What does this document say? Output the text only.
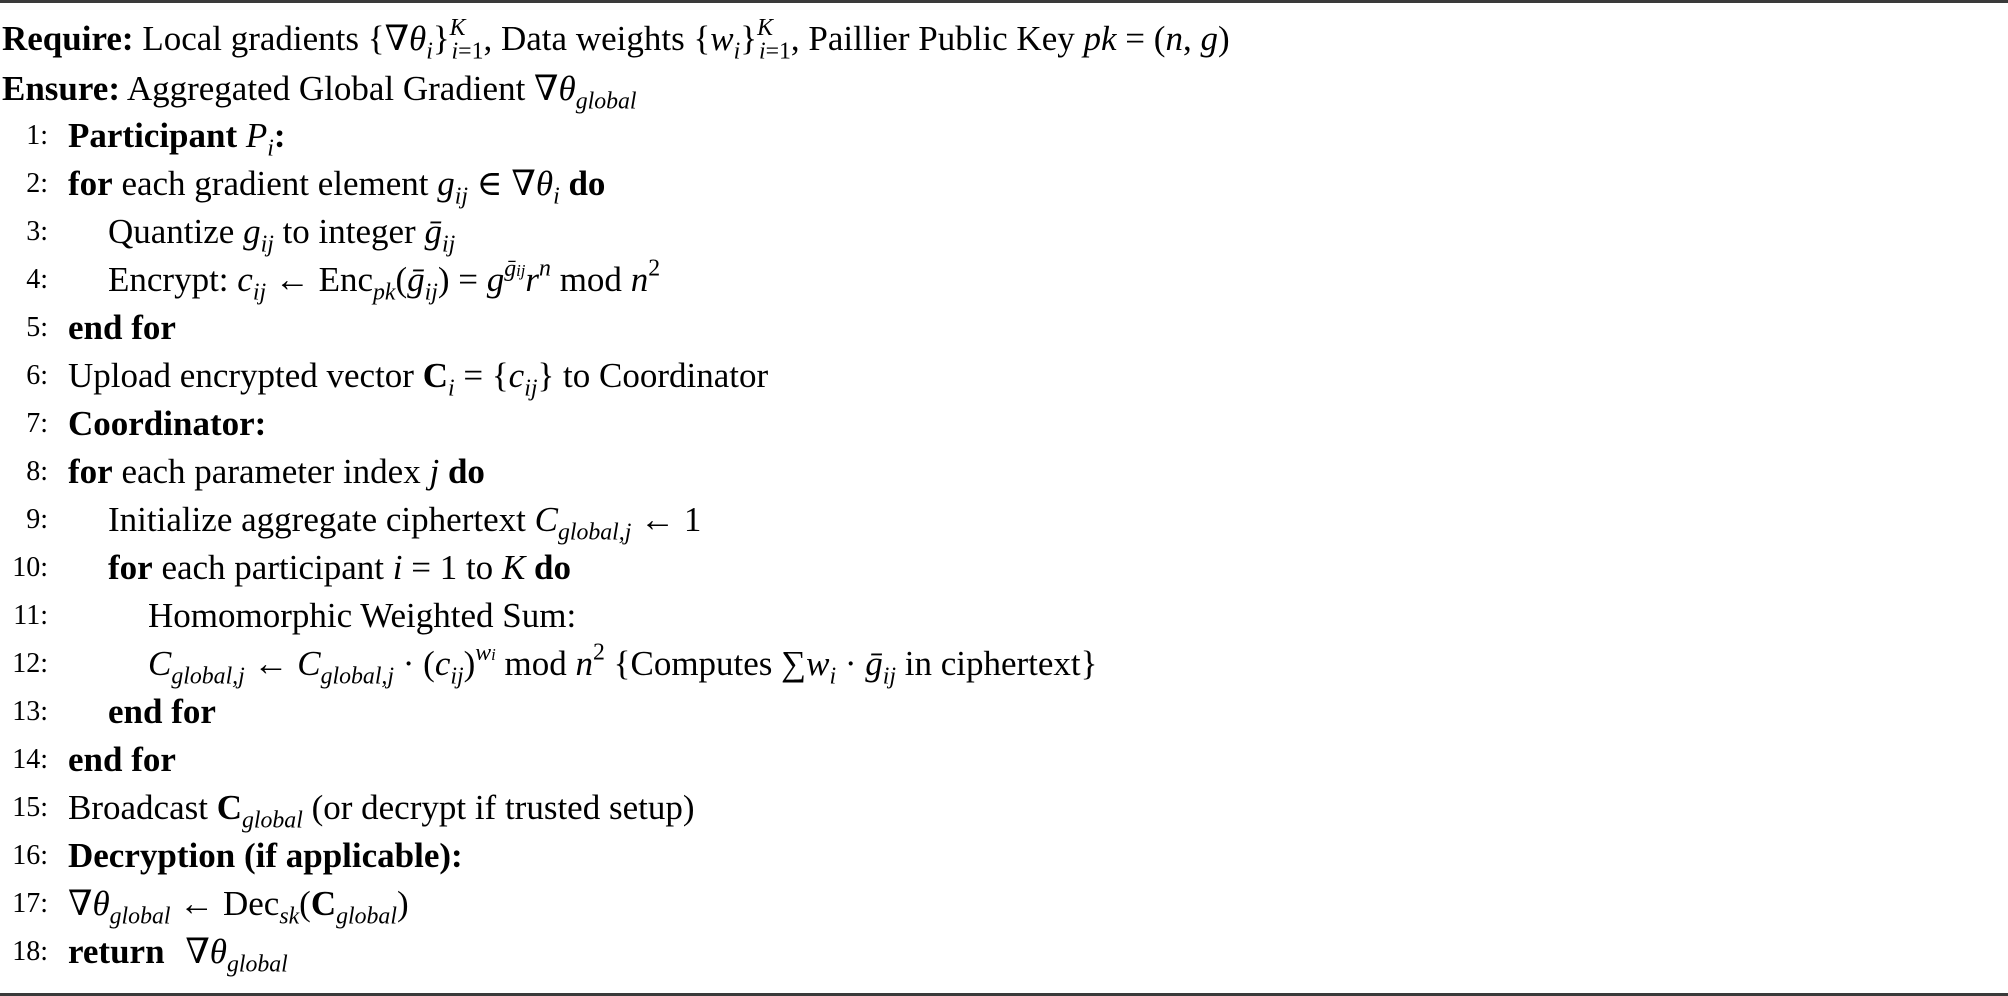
Require: Local gradients $\{\nabla\theta_i\}^K_{i=1}$, Data weights $\{w_i\}^K_{i=1}$, Paillier Public Key pk = (n, g)
Ensure: Aggregated Global Gradient $\nabla\theta_{global}$
1: Participant $P_i$:
2: for each gradient element $g_{ij}$ ∈ $\nabla\theta_i$ do
3: Quantize $g_{ij}$ to integer ḡ$_{ij}$
4: Encrypt: $c_{ij}$ ← Enc$_{pk}$(ḡ$_{ij}$) = $g^{ḡij}r^n$ mod $n^2$
5: end for
6: Upload encrypted vector $C_i = \{c_{ij}\}$ to Coordinator
7: Coordinator:
8: for each parameter index j do
9: Initialize aggregate ciphertext $C_{global,j}$ ← 1
10: for each participant i = 1 to K do
11:	Homomorphic Weighted Sum:
12:	$C_{global,j}$ ← $C_{global,j} \cdot (c_{ij})^{wi}$ mod $n^2$ {Computes $\sum w_i$ · ḡ$_{ij}$ in ciphertext}
13: end for
14: end for
15: Broadcast $C_{global}$ (or decrypt if trusted setup)
16: Decryption (if applicable):
17: $\nabla\theta_{global}$ ← $Dec_{sk}(C_{global})$
18: return $\nabla\theta_{global}$
